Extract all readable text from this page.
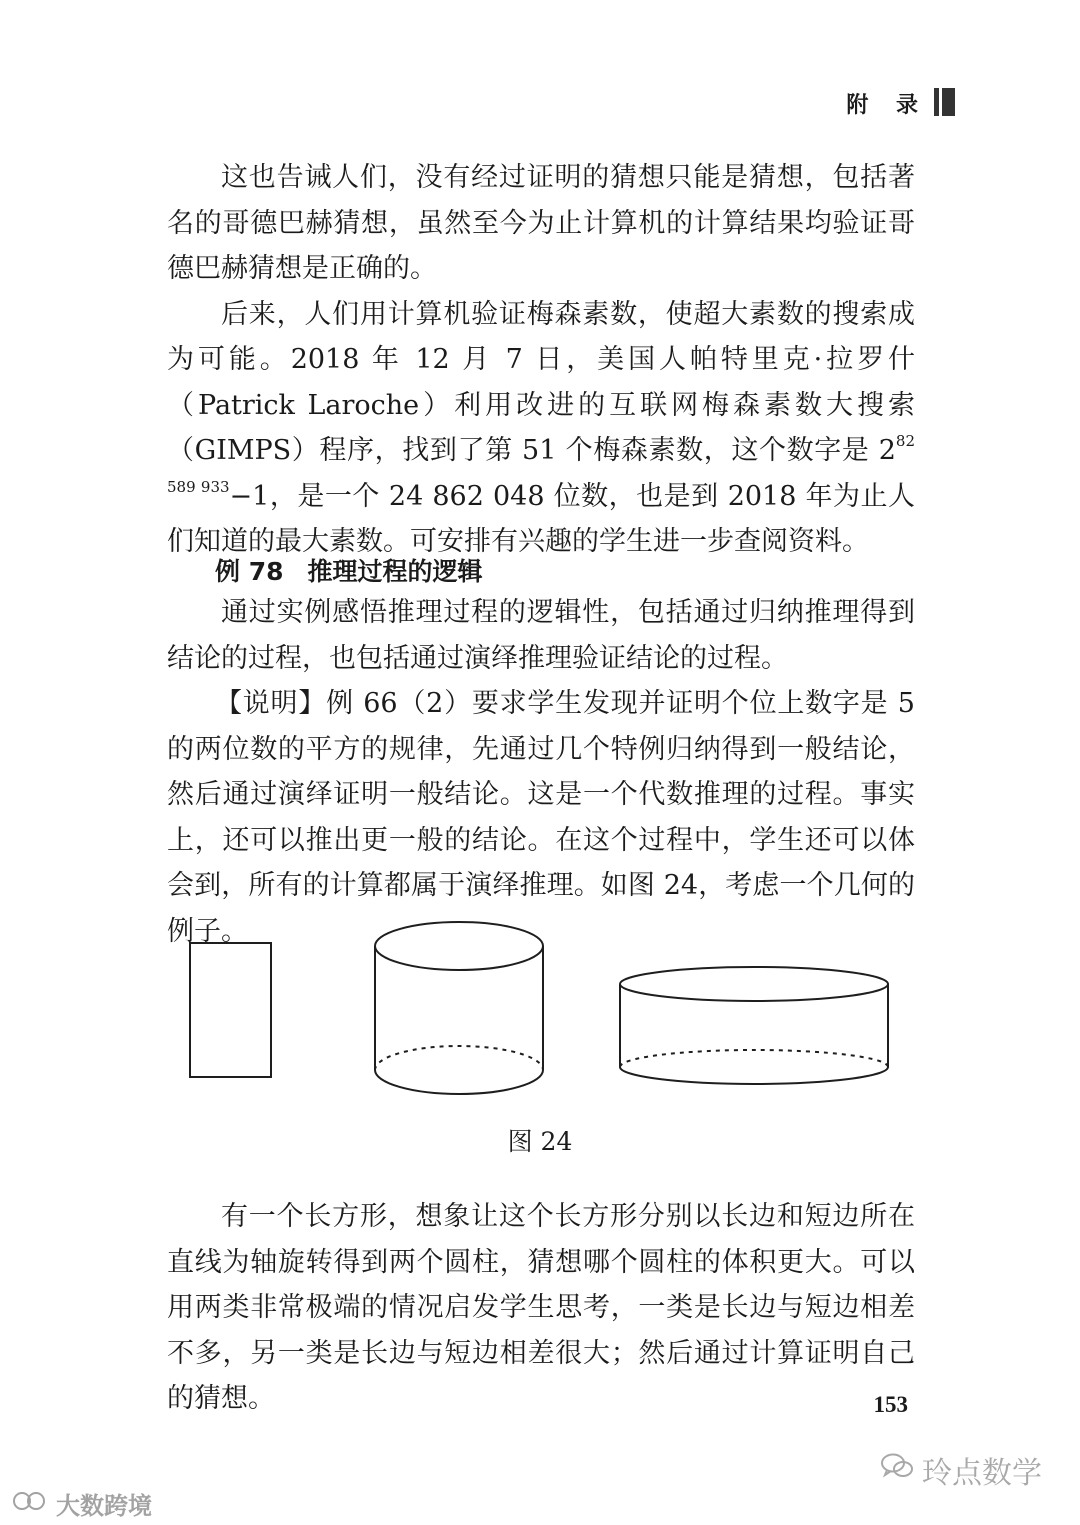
附 录

这也告诫人们，没有经过证明的猜想只能是猜想，包括著名的哥德巴赫猜想，虽然至今为止计算机的计算结果均验证哥德巴赫猜想是正确的。

后来，人们用计算机验证梅森素数，使超大素数的搜索成为可能。2018 年 12 月 7 日，美国人帕特里克·拉罗什（Patrick Laroche）利用改进的互联网梅森素数大搜索（GIMPS）程序，找到了第 51 个梅森素数，这个数字是 $2^{82 589 933}-1$，是一个 24 862 048 位数，也是到 2018 年为止人们知道的最大素数。可安排有兴趣的学生进一步查阅资料。

例 78 推理过程的逻辑

通过实例感悟推理过程的逻辑性，包括通过归纳推理得到结论的过程，也包括通过演绎推理验证结论的过程。

【说明】例 66（2）要求学生发现并证明个位上数字是 5 的两位数的平方的规律，先通过几个特例归纳得到一般结论，然后通过演绎证明一般结论。这是一个代数推理的过程。事实上，还可以推出更一般的结论。在这个过程中，学生还可以体会到，所有的计算都属于演绎推理。如图 24，考虑一个几何的例子。

图 24

有一个长方形，想象让这个长方形分别以长边和短边所在直线为轴旋转得到两个圆柱，猜想哪个圆柱的体积更大。可以用两类非常极端的情况启发学生思考，一类是长边与短边相差不多，另一类是长边与短边相差很大；然后通过计算证明自己的猜想。	153
玲点数学
大数跨境
